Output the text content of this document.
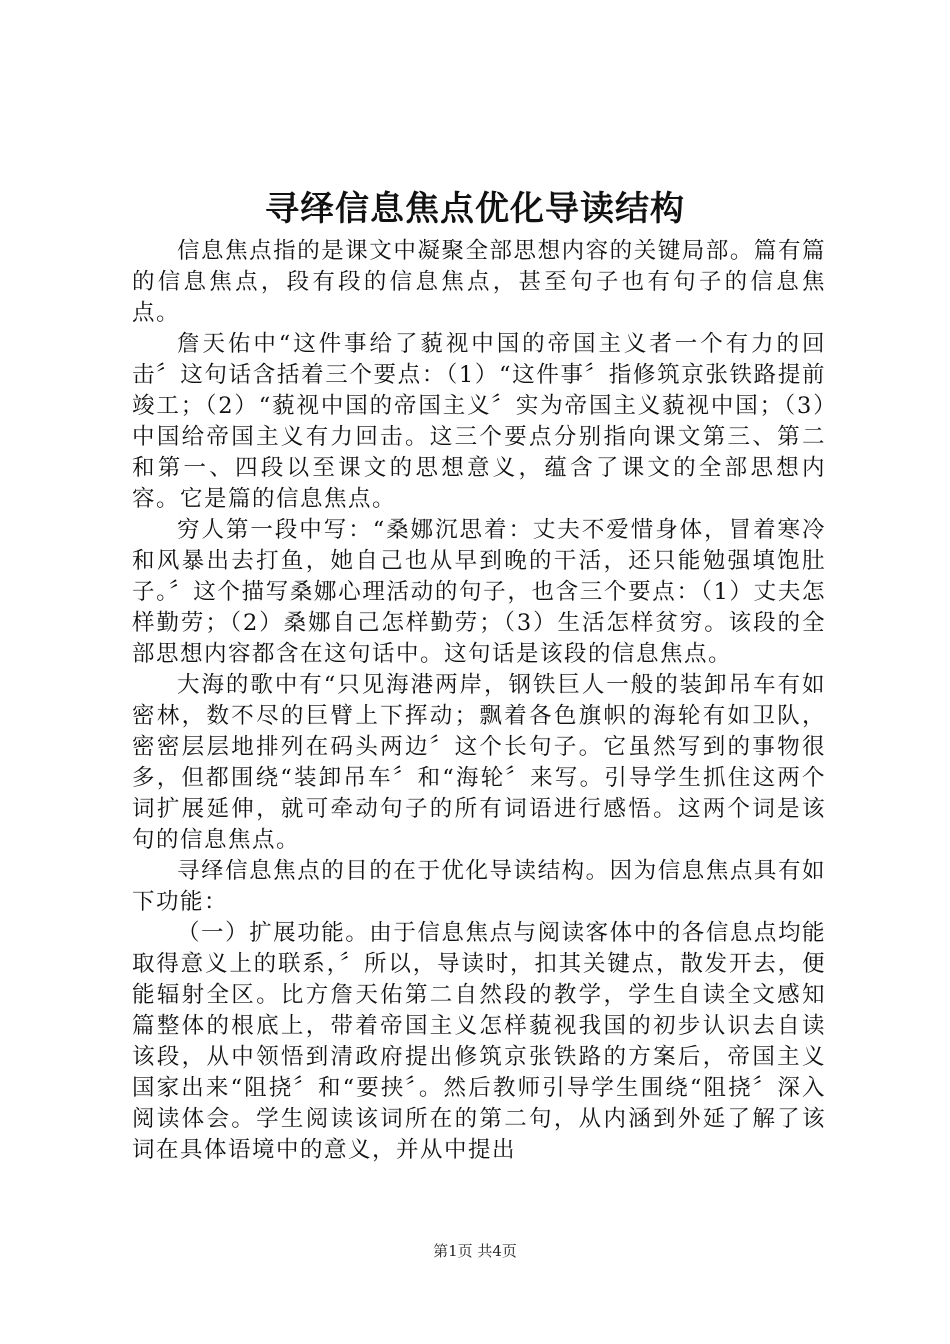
寻绎信息焦点优化导读结构

信息焦点指的是课文中凝聚全部思想内容的关键局部。篇有篇的信息焦点，段有段的信息焦点，甚至句子也有句子的信息焦点。

詹天佑中“这件事给了藐视中国的帝国主义者一个有力的回击〞这句话含括着三个要点：（1）“这件事〞指修筑京张铁路提前竣工；（2）“藐视中国的帝国主义〞实为帝国主义藐视中国；（3）中国给帝国主义有力回击。这三个要点分别指向课文第三、第二和第一、四段以至课文的思想意义，蕴含了课文的全部思想内容。它是篇的信息焦点。

穷人第一段中写：“桑娜沉思着：丈夫不爱惜身体，冒着寒冷和风暴出去打鱼，她自己也从早到晚的干活，还只能勉强填饱肚子。〞这个描写桑娜心理活动的句子，也含三个要点：（1）丈夫怎样勤劳；（2）桑娜自己怎样勤劳；（3）生活怎样贫穷。该段的全部思想内容都含在这句话中。这句话是该段的信息焦点。

大海的歌中有“只见海港两岸，钢铁巨人一般的装卸吊车有如密林，数不尽的巨臂上下挥动；飘着各色旗帜的海轮有如卫队，密密层层地排列在码头两边〞这个长句子。它虽然写到的事物很多，但都围绕“装卸吊车〞和“海轮〞来写。引导学生抓住这两个词扩展延伸，就可牵动句子的所有词语进行感悟。这两个词是该句的信息焦点。

寻绎信息焦点的目的在于优化导读结构。因为信息焦点具有如下功能：

（一）扩展功能。由于信息焦点与阅读客体中的各信息点均能取得意义上的联系，〞所以，导读时，扣其关键点，散发开去，便能辐射全区。比方詹天佑第二自然段的教学，学生自读全文感知篇整体的根底上，带着帝国主义怎样藐视我国的初步认识去自读该段，从中领悟到清政府提出修筑京张铁路的方案后，帝国主义国家出来“阻挠〞和“要挟〞。然后教师引导学生围绕“阻挠〞深入阅读体会。学生阅读该词所在的第二句，从内涵到外延了解了该词在具体语境中的意义，并从中提出

第1页 共4页
